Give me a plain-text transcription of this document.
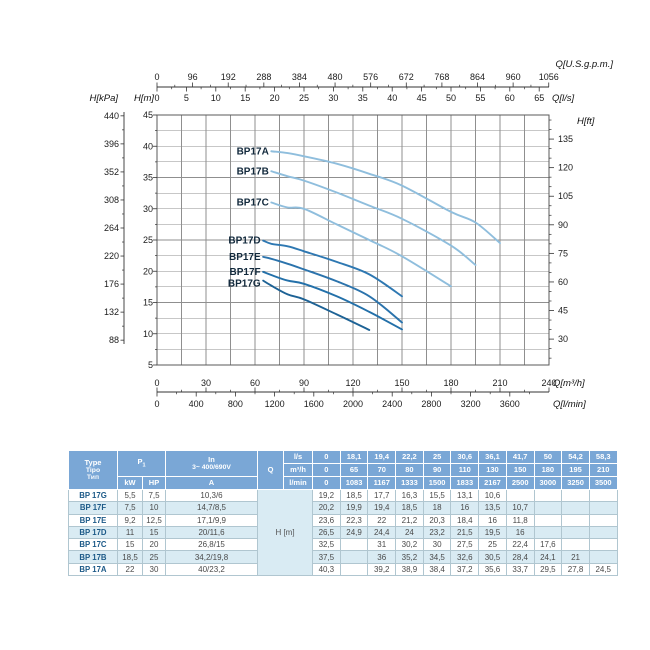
0	96	192 288 384 480 576 672 768 864 960 1056
0	5 10 15 20 25 30 35 40 45 50 55 60 65
0	30	60	90	120	150	180	210	240
0	400	800 1200 1600 2000 2400 2800 3200 3600
440
396
352
308
264
220
176
132
88
45
40
35
30
25
20
15
10
5
135
120
105
90
75
60
45
30
BP17A
BP17B
BP17C
BP17D
BP17E
BP17F
BP17G
Q[U.S.g.p.m.]
Q[l/s]
Q[m³/h]
Q[l/min]
H[kPa] H[m]
H[ft]
Type
Tipo
Тип	$P_1$		In
3~ 400/690V	Q	l/s	0	18,1	19,4	22,2	25	30,6	36,1	41,7	50	54,2	58,3
					m³/h	0	65	70	80	90	110	130	150	180	195	210
	kW	HP	A		l/min	0	1083	1167	1333	1500	1833	2167	2500	3000	3250	3500
BP 17G	5,5	7,5	10,3/6	H [m]		19,2	18,5	17,7	16,3	15,5	13,1	10,6				
BP 17F	7,5	10	14,7/8,5			20,2	19,9	19,4	18,5	18	16	13,5	10,7			
BP 17E	9,2	12,5	17,1/9,9			23,6	22,3	22	21,2	20,3	18,4	16	11,8			
BP 17D	11	15	20/11,6			26,5	24,9	24,4	24	23,2	21,5	19,5	16			
BP 17C	15	20	26,8/15			32,5		31	30,2	30	27,5	25	22,4	17,6		
BP 17B	18,5	25	34,2/19,8			37,5		36	35,2	34,5	32,6	30,5	28,4	24,1	21	
BP 17A	22	30	40/23,2			40,3		39,2	38,9	38,4	37,2	35,6	33,7	29,5	27,8	24,5
